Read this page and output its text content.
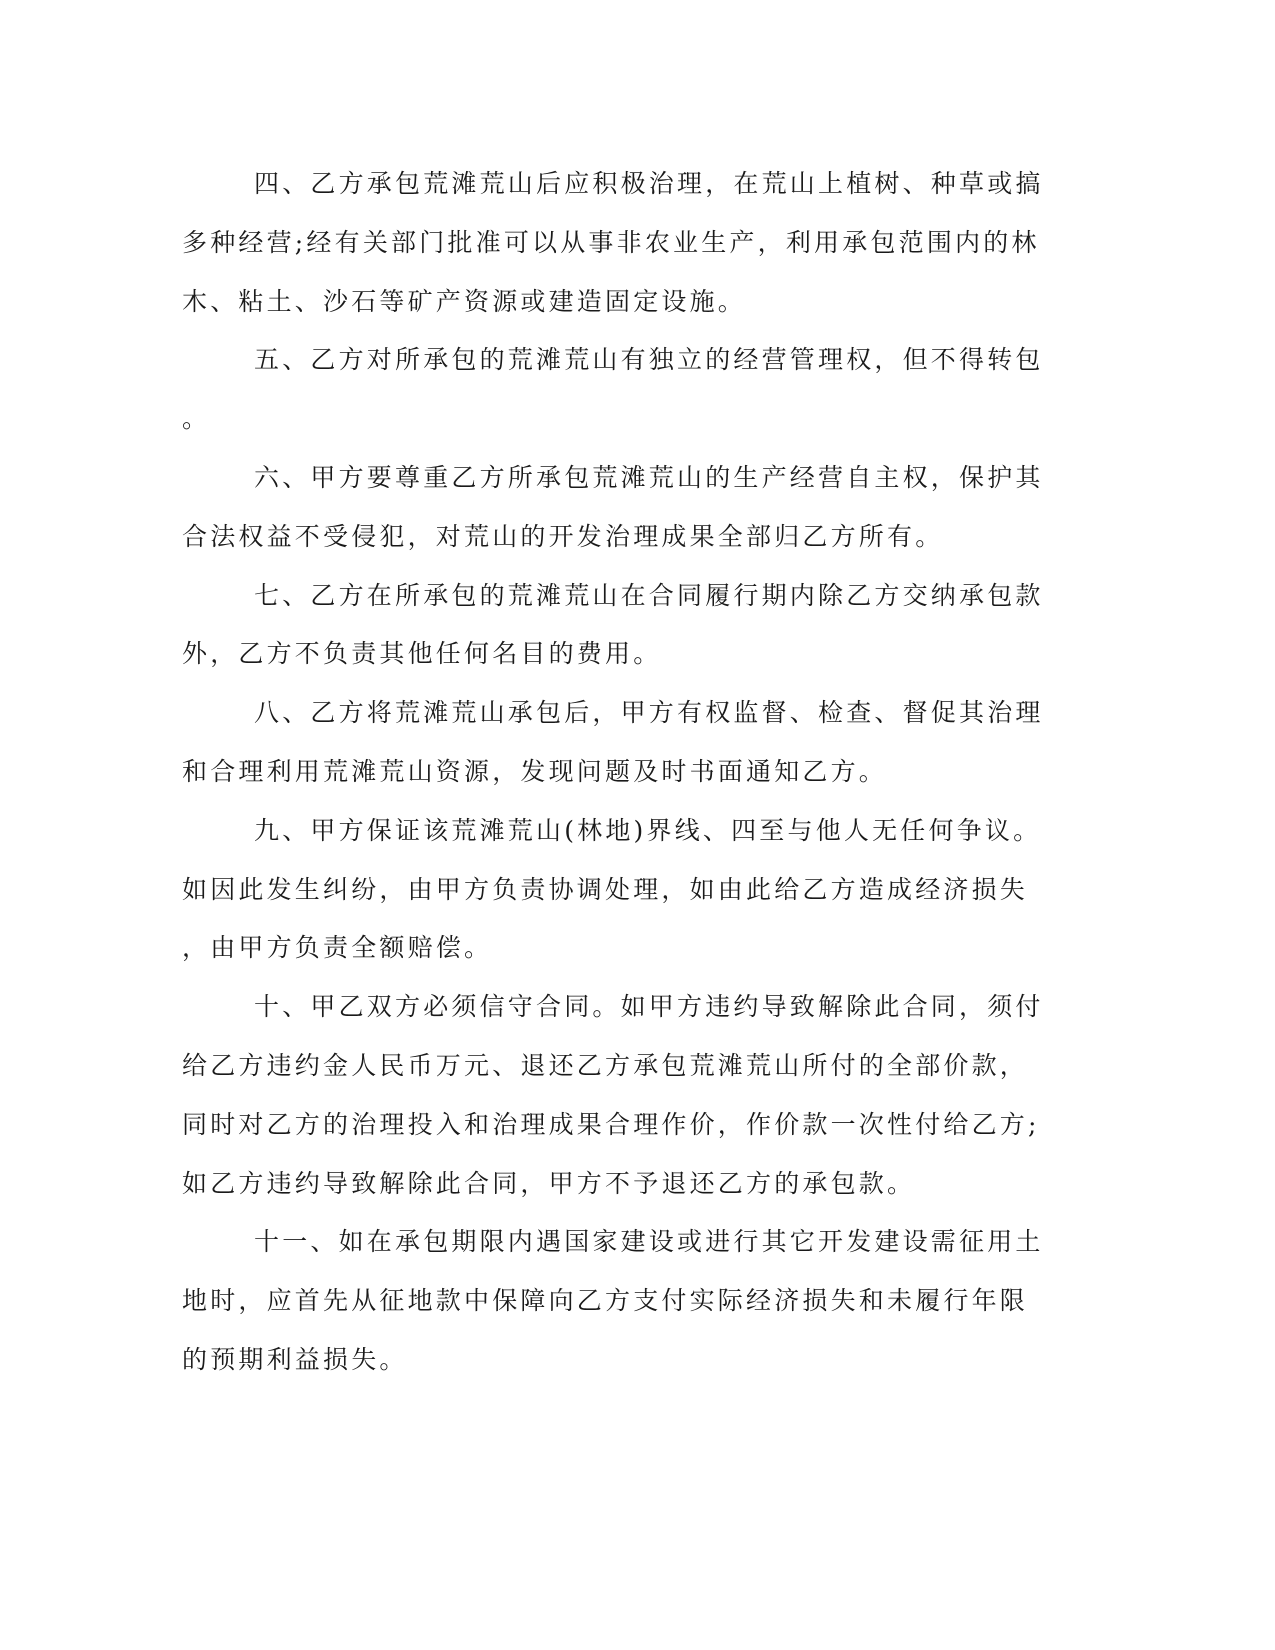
四、乙方承包荒滩荒山后应积极治理，在荒山上植树、种草或搞
多种经营;经有关部门批准可以从事非农业生产，利用承包范围内的林
木、粘土、沙石等矿产资源或建造固定设施。
五、乙方对所承包的荒滩荒山有独立的经营管理权，但不得转包
。
六、甲方要尊重乙方所承包荒滩荒山的生产经营自主权，保护其
合法权益不受侵犯，对荒山的开发治理成果全部归乙方所有。
七、乙方在所承包的荒滩荒山在合同履行期内除乙方交纳承包款
外，乙方不负责其他任何名目的费用。
八、乙方将荒滩荒山承包后，甲方有权监督、检查、督促其治理
和合理利用荒滩荒山资源，发现问题及时书面通知乙方。
九、甲方保证该荒滩荒山(林地)界线、四至与他人无任何争议。
如因此发生纠纷，由甲方负责协调处理，如由此给乙方造成经济损失
，由甲方负责全额赔偿。
十、甲乙双方必须信守合同。如甲方违约导致解除此合同，须付
给乙方违约金人民币万元、退还乙方承包荒滩荒山所付的全部价款，
同时对乙方的治理投入和治理成果合理作价，作价款一次性付给乙方;
如乙方违约导致解除此合同，甲方不予退还乙方的承包款。
十一、如在承包期限内遇国家建设或进行其它开发建设需征用土
地时，应首先从征地款中保障向乙方支付实际经济损失和未履行年限
的预期利益损失。
